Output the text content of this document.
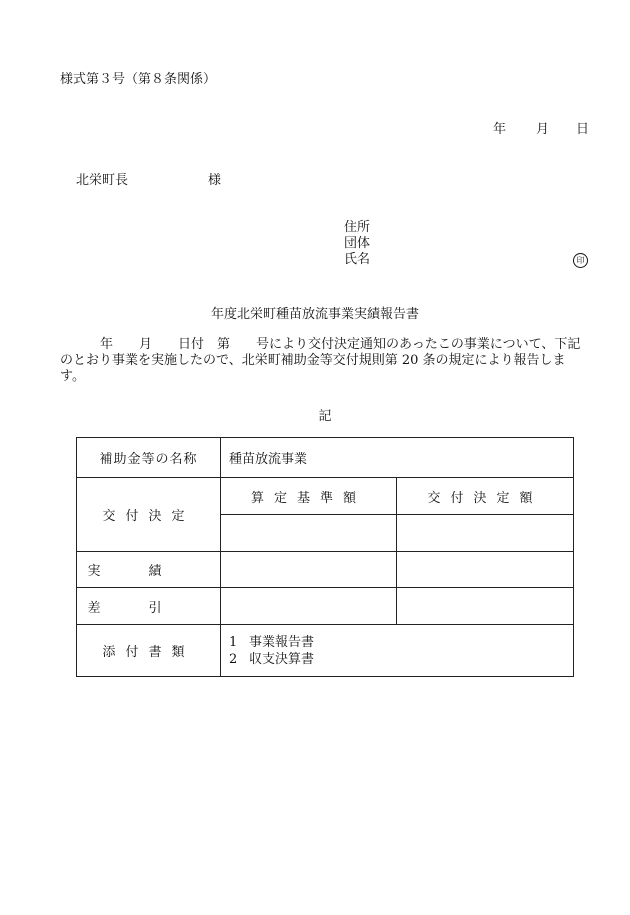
様式第３号（第８条関係）
年 月 日
北栄町長	様
住所
団体
氏名	印
年度北栄町種苗放流事業実績報告書
年　　月　　日付　第　　号により交付決定通知のあったこの事業について、下記のとおり事業を実施したので、北栄町補助金等交付規則第 20 条の規定により報告します。
記
補助金等の名称	種苗放流事業	
交付決定	算定基準額	交付決定額

実績		
差引		
添付書類	1 事業報告書
2 収支決算書	
